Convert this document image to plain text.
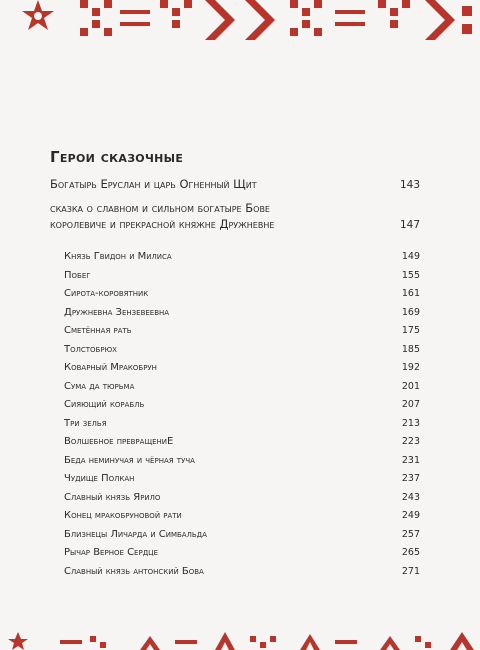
Герои сказочные
Богатырь Еруслан и царь Огненный Щит	143
сказка о славном и сильном богатыре Бове
королевиче и прекрасной княжне Дружневне	147
Князь Гвидон и Милиса	149
Побег	155
Сирота-коровятник	161
Дружневна Зензевеевна	169
Сметённая рать	175
Толстобрюх	185
Коварный Мракобрун	192
Сума да тюрьма	201
Сияющий корабль	207
Три зелья	213
Волшебное превращениЕ	223
Беда неминучая и чёрная туча	231
Чудище Полкан	237
Славный князь Ярило	243
Конец мракобруновой рати	249
Близнецы Личарда и Симбальда	257
Рычар Верное Сердце	265
Славный князь антонский Бова	271
